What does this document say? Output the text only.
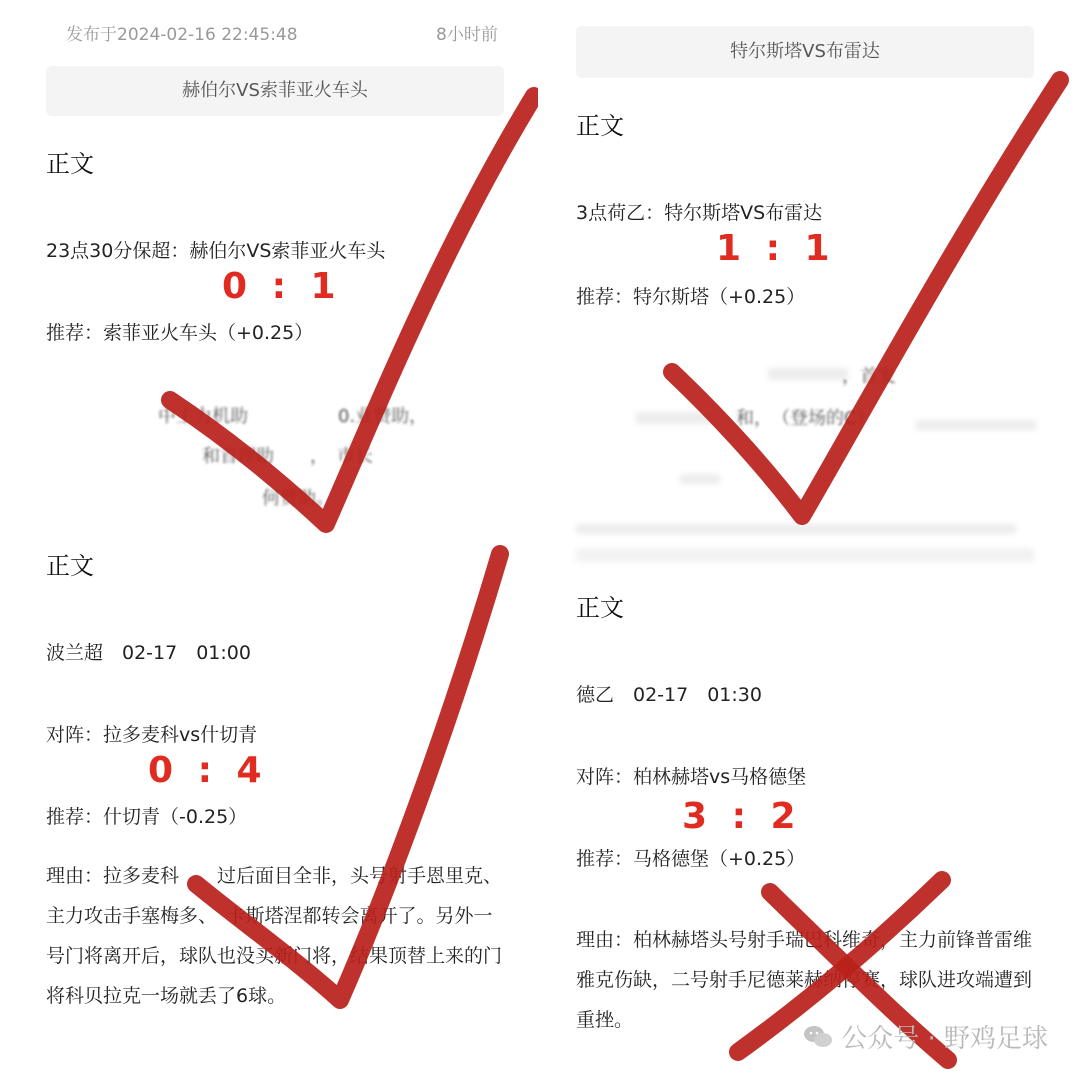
发布于2024-02-16 22:45:48	8小时前
赫伯尔VS索菲亚火车头
正文
23点30分保超：赫伯尔VS索菲亚火车头
0 : 1
推荐：索菲亚火车头（+0.25）
中主力机助　　　　　0.业赞助，
和首理助　　，　市长
何赞助。
特尔斯塔VS布雷达
正文
3点荷乙：特尔斯塔VS布雷达
1 : 1
推荐：特尔斯塔（+0.25）
，首发
和，　（登场的C）
正文
波兰超　02-17　01:00
对阵：拉多麦科vs什切青
0 : 4
推荐：什切青（-0.25）
理由：拉多麦科　　过后面目全非，头号射手恩里克、主力攻击手塞梅多、　卡斯塔涅都转会离开了。另外一号门将离开后，球队也没买新门将，结果顶替上来的门将科贝拉克一场就丢了6球。
正文
德乙　02-17　01:30
对阵：柏林赫塔vs马格德堡
3 : 2
推荐：马格德堡（+0.25）
理由：柏林赫塔头号射手瑞巴科维奇，主力前锋普雷维雅克伤缺，二号射手尼德莱赫纳停赛，球队进攻端遭到重挫。
公众号 · 野鸡足球
